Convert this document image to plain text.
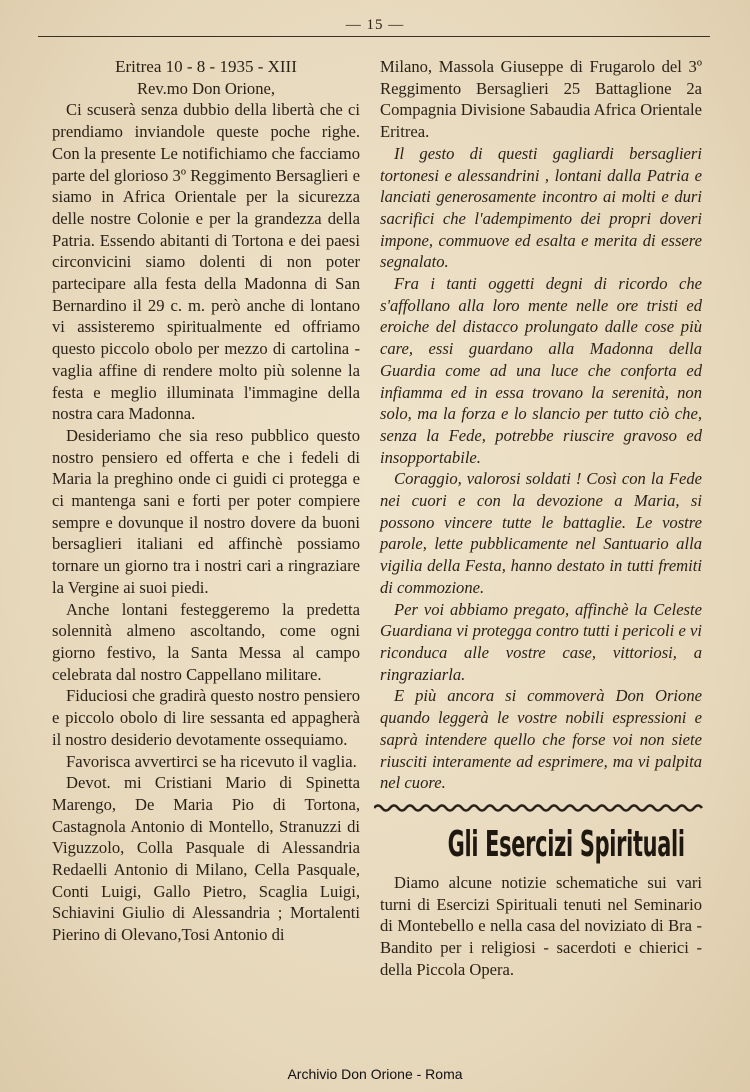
— 15 —

Eritrea 10 - 8 - 1935 - XIII

Rev.mo Don Orione,

Ci scuserà senza dubbio della libertà che ci prendiamo inviandole queste poche righe. Con la presente Le notifichiamo che facciamo parte del glorioso 3º Reggimento Bersaglieri e siamo in Africa Orientale per la sicurezza delle nostre Colonie e per la grandezza della Patria. Essendo abitanti di Tortona e dei paesi circonvicini siamo dolenti di non poter partecipare alla festa della Madonna di San Bernardino il 29 c. m. però anche di lontano vi assisteremo spiritualmente ed offriamo questo piccolo obolo per mezzo di cartolina - vaglia affine di rendere molto più solenne la festa e meglio illuminata l'immagine della nostra cara Madonna.

Desideriamo che sia reso pubblico questo nostro pensiero ed offerta e che i fedeli di Maria la preghino onde ci guidi ci protegga e ci mantenga sani e forti per poter compiere sempre e dovunque il nostro dovere da buoni bersaglieri italiani ed affinchè possiamo tornare un giorno tra i nostri cari a ringraziare la Vergine ai suoi piedi.

Anche lontani festeggeremo la predetta solennità almeno ascoltando, come ogni giorno festivo, la Santa Messa al campo celebrata dal nostro Cappellano militare.

Fiduciosi che gradirà questo nostro pensiero e piccolo obolo di lire sessanta ed appagherà il nostro desiderio devotamente osseq​uiamo.

Favorisca avvertirci se ha ricevuto il vaglia.

Devot. mi Cristiani Mario di Spinetta Marengo, De Maria Pio di Tortona, Castagnola Antonio di Montello, Stranuzzi di Viguzzolo, Colla Pasquale di Alessandria Redaelli Antonio di Milano, Cella Pasquale, Conti Luigi, Gallo Pietro, Scaglia Luigi, Schiavini Giulio di Alessandria ; Mortalenti Pierino di Olevano,Tosi Antonio di

Milano, Massola Giuseppe di Frugarolo del 3º Reggimento Bersaglieri 25 Battaglione 2a Compagnia Divisione Sabaudia Africa Orientale Eritrea.

Il gesto di questi gagliardi bersaglieri tortonesi e alessandrini , lontani dalla Patria e lanciati generosamente incontro ai molti e duri sacrifici che l'adempimento dei propri doveri impone, commuove ed esalta e merita di essere segnalato.

Fra i tanti oggetti degni di ricordo che s'affollano alla loro mente nelle ore tristi ed eroiche del distacco prolungato dalle cose più care, essi guardano alla Madonna della Guardia come ad una luce che conforta ed infiamma ed in essa trovano la serenità, non solo, ma la forza e lo slancio per tutto ciò che, senza la Fede, potrebbe riuscire gravoso ed insopportabile.

Coraggio, valorosi soldati ! Così con la Fede nei cuori e con la devozione a Maria, si possono vincere tutte le battaglie. Le vostre parole, lette pubblicamente nel Santuario alla vigilia della Festa, hanno destato in tutti fremiti di commozione.

Per voi abbiamo pregato, affinchè la Celeste Guardiana vi protegga contro tutti i pericoli e vi riconduca alle vostre case, vittoriosi, a ringraziarla.

E più ancora si commoverà Don Orione quando leggerà le vostre nobili espressioni e saprà intendere quello che forse voi non siete riusciti interamente ad esprimere, ma vi palpita nel cuore.

Gli Esercizi Spirituali

Diamo alcune notizie schematiche sui vari turni di Esercizi Spirituali tenuti nel Seminario di Montebello e nella casa del noviziato di Bra - Bandito per i religiosi - sacerdoti e chierici - della Piccola Opera.

Archivio Don Orione - Roma
